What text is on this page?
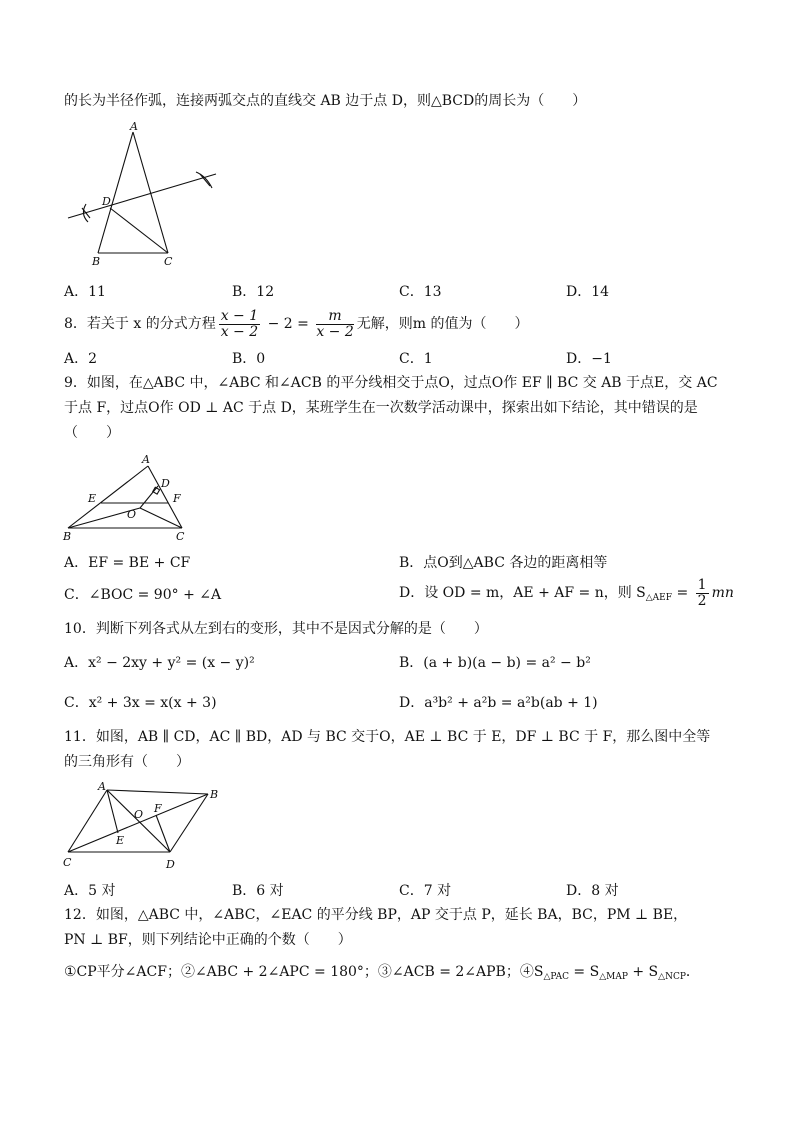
的长为半径作弧，连接两弧交点的直线交 AB 边于点 D，则△BCD的周长为（　　）
A
D
B	C
A．11	B．12	C．13	D．14
8．若关于 x 的分式方程 $\frac{x - 1}{x - 2} - 2 = \frac{m}{x - 2}$ 无解，则m 的值为（　　）
A．2	B．0	C．1	D．−1
9．如图，在△ABC 中，∠ABC 和∠ACB 的平分线相交于点O，过点O作 EF ∥ BC 交 AB 于点E，交 AC
于点 F，过点O作 OD ⊥ AC 于点 D，某班学生在一次数学活动课中，探索出如下结论，其中错误的是
（　　）
A
D
E	F
O
B	C
A．EF = BE + CF	B．点O到△ABC 各边的距离相等
C．∠BOC = 90° + ∠A	D．设 OD = m，AE + AF = n，则 $S_{\triangle AEF} = \frac{1}{2}$ mn
10．判断下列各式从左到右的变形，其中不是因式分解的是（　　）
A．x² − 2xy + y² = (x − y)²	B．(a + b)(a − b) = a² − b²
C．x² + 3x = x(x + 3)	D．a³b² + a²b = a²b(ab + 1)
11．如图，AB ∥ CD，AC ∥ BD，AD 与 BC 交于O，AE ⊥ BC 于 E，DF ⊥ BC 于 F，那么图中全等
的三角形有（　　）
A
B
O F
E
C	D
A．5 对	B．6 对	C．7 对	D．8 对
12．如图，△ABC 中，∠ABC，∠EAC 的平分线 BP，AP 交于点 P，延长 BA，BC，PM ⊥ BE，
PN ⊥ BF，则下列结论中正确的个数（　　）
①CP平分∠ACF；②∠ABC + 2∠APC = 180°；③∠ACB = 2∠APB；$④S_{\triangle PAC} = S_{\triangle MAP} + S_{\triangle NCP}$．
